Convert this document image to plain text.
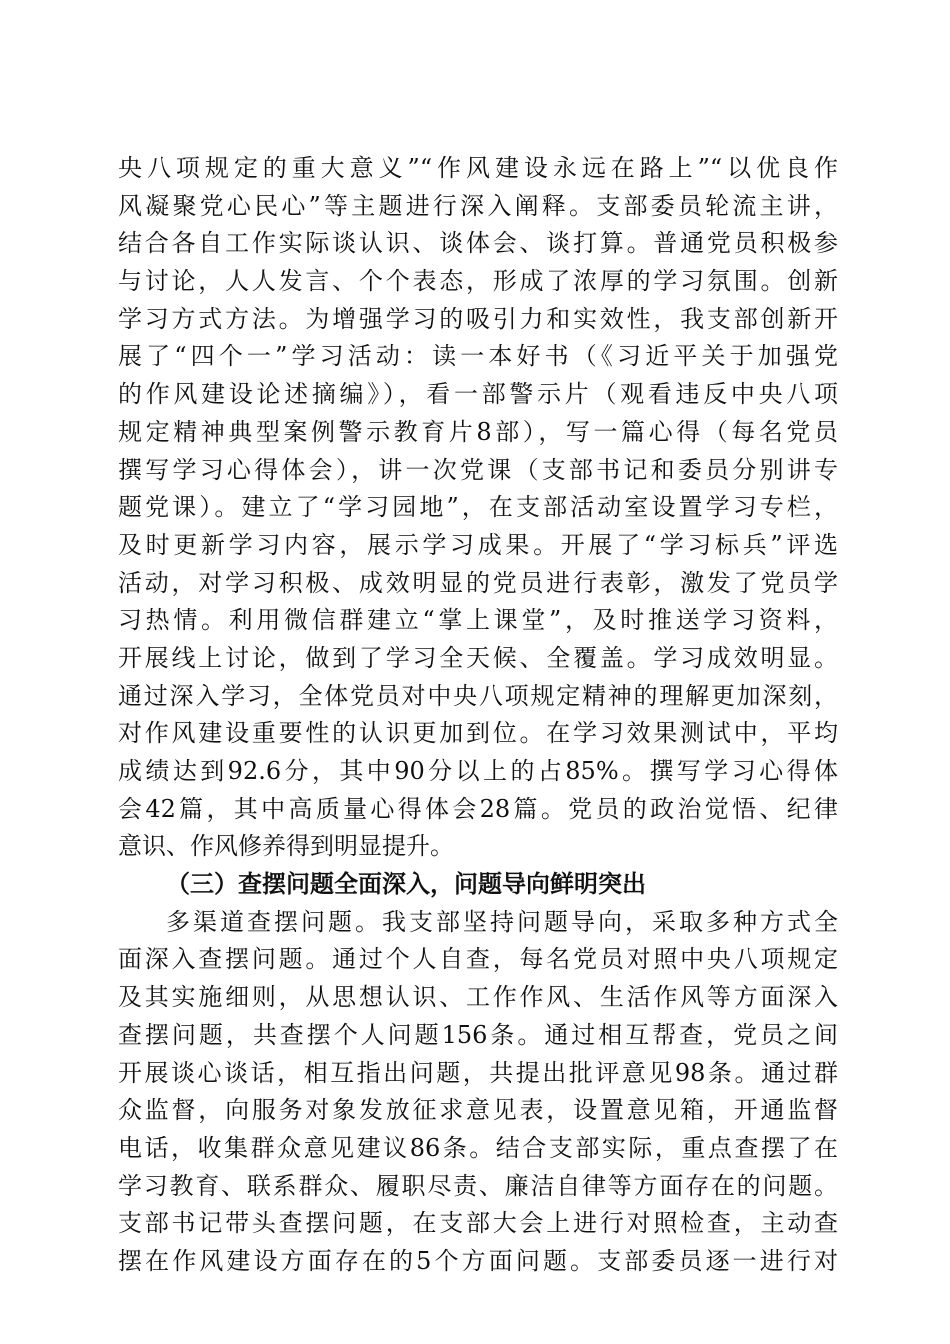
央八项规定的重大意义”“作风建设永远在路上”“以优良作
风凝聚党心民心”等主题进行深入阐释。支部委员轮流主讲，
结合各自工作实际谈认识、谈体会、谈打算。普通党员积极参
与讨论，人人发言、个个表态，形成了浓厚的学习氛围。创新
学习方式方法。为增强学习的吸引力和实效性，我支部创新开
展了“四个一”学习活动：读一本好书（《习近平关于加强党
的作风建设论述摘编》），看一部警示片（观看违反中央八项
规定精神典型案例警示教育片8部），写一篇心得（每名党员
撰写学习心得体会），讲一次党课（支部书记和委员分别讲专
题党课）。建立了“学习园地”，在支部活动室设置学习专栏，
及时更新学习内容，展示学习成果。开展了“学习标兵”评选
活动，对学习积极、成效明显的党员进行表彰，激发了党员学
习热情。利用微信群建立“掌上课堂”，及时推送学习资料，
开展线上讨论，做到了学习全天候、全覆盖。学习成效明显。
通过深入学习，全体党员对中央八项规定精神的理解更加深刻，
对作风建设重要性的认识更加到位。在学习效果测试中，平均
成绩达到92.6分，其中90分以上的占85%。撰写学习心得体
会42篇，其中高质量心得体会28篇。党员的政治觉悟、纪律
意识、作风修养得到明显提升。
（三）查摆问题全面深入，问题导向鲜明突出
多渠道查摆问题。我支部坚持问题导向，采取多种方式全
面深入查摆问题。通过个人自查，每名党员对照中央八项规定
及其实施细则，从思想认识、工作作风、生活作风等方面深入
查摆问题，共查摆个人问题156条。通过相互帮查，党员之间
开展谈心谈话，相互指出问题，共提出批评意见98条。通过群
众监督，向服务对象发放征求意见表，设置意见箱，开通监督
电话，收集群众意见建议86条。结合支部实际，重点查摆了在
学习教育、联系群众、履职尽责、廉洁自律等方面存在的问题。
支部书记带头查摆问题，在支部大会上进行对照检查，主动查
摆在作风建设方面存在的5个方面问题。支部委员逐一进行对
